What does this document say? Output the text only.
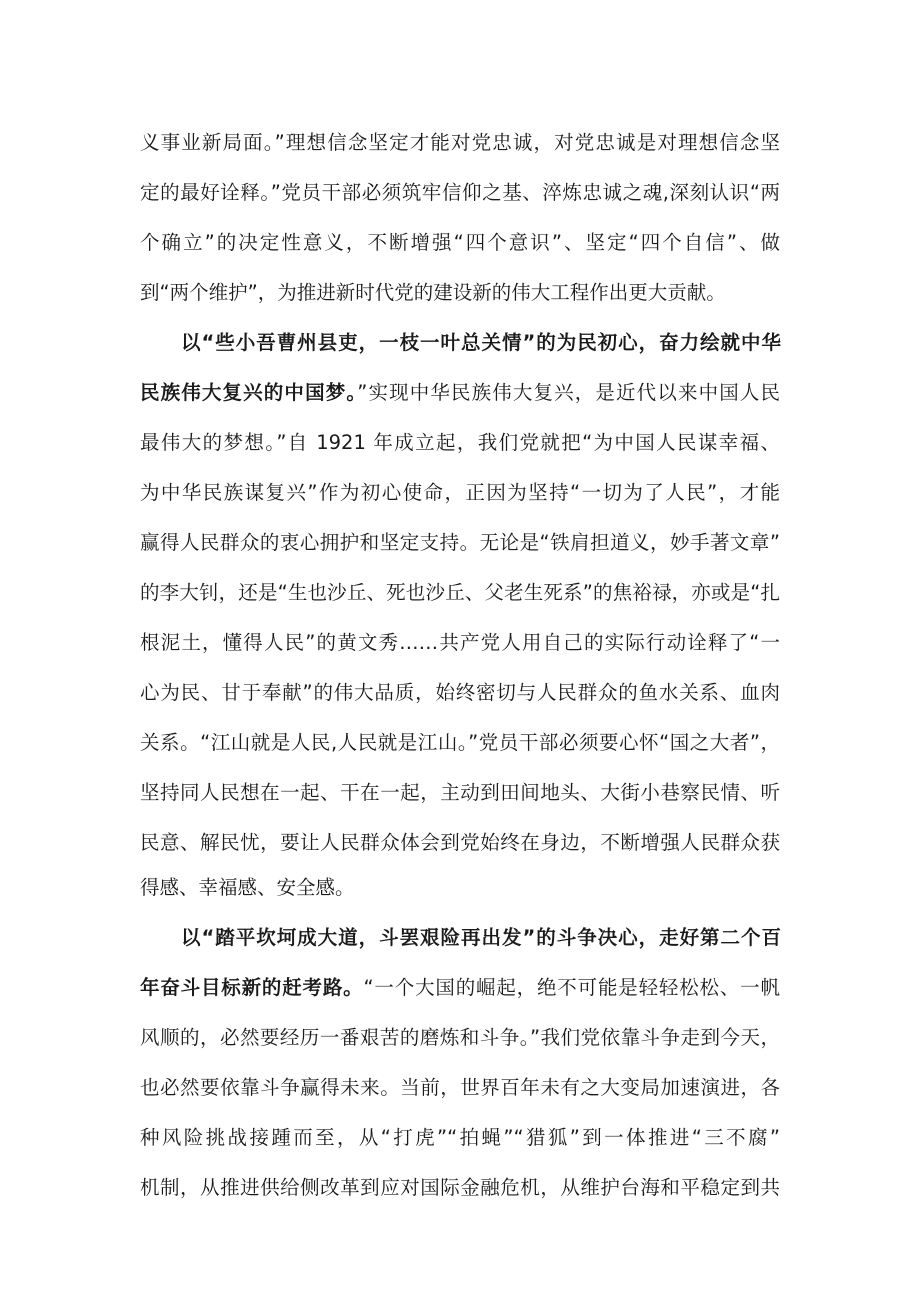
义事业新局面。”理想信念坚定才能对党忠诚，对党忠诚是对理想信念坚

定的最好诠释。”党员干部必须筑牢信仰之基、淬炼忠诚之魂,深刻认识“两

个确立”的决定性意义，不断增强“四个意识”、坚定“四个自信”、做

到“两个维护”，为推进新时代党的建设新的伟大工程作出更大贡献。

以“些小吾曹州县吏，一枝一叶总关情”的为民初心，奋力绘就中华

民族伟大复兴的中国梦。”实现中华民族伟大复兴，是近代以来中国人民

最伟大的梦想。”自 1921 年成立起，我们党就把“为中国人民谋幸福、

为中华民族谋复兴”作为初心使命，正因为坚持“一切为了人民”，才能

赢得人民群众的衷心拥护和坚定支持。无论是“铁肩担道义，妙手著文章”

的李大钊，还是“生也沙丘、死也沙丘、父老生死系”的焦裕禄，亦或是“扎

根泥土，懂得人民”的黄文秀……共产党人用自己的实际行动诠释了“一

心为民、甘于奉献”的伟大品质，始终密切与人民群众的鱼水关系、血肉

关系。“江山就是人民,人民就是江山。”党员干部必须要心怀“国之大者”，

坚持同人民想在一起、干在一起，主动到田间地头、大街小巷察民情、听

民意、解民忧，要让人民群众体会到党始终在身边，不断增强人民群众获

得感、幸福感、安全感。

以“踏平坎坷成大道，斗罢艰险再出发”的斗争决心，走好第二个百

年奋斗目标新的赶考路。“一个大国的崛起，绝不可能是轻轻松松、一帆

风顺的，必然要经历一番艰苦的磨炼和斗争。”我们党依靠斗争走到今天，

也必然要依靠斗争赢得未来。当前，世界百年未有之大变局加速演进，各

种风险挑战接踵而至，从“打虎”“拍蝇”“猎狐”到一体推进“三不腐”

机制，从推进供给侧改革到应对国际金融危机，从维护台海和平稳定到共
